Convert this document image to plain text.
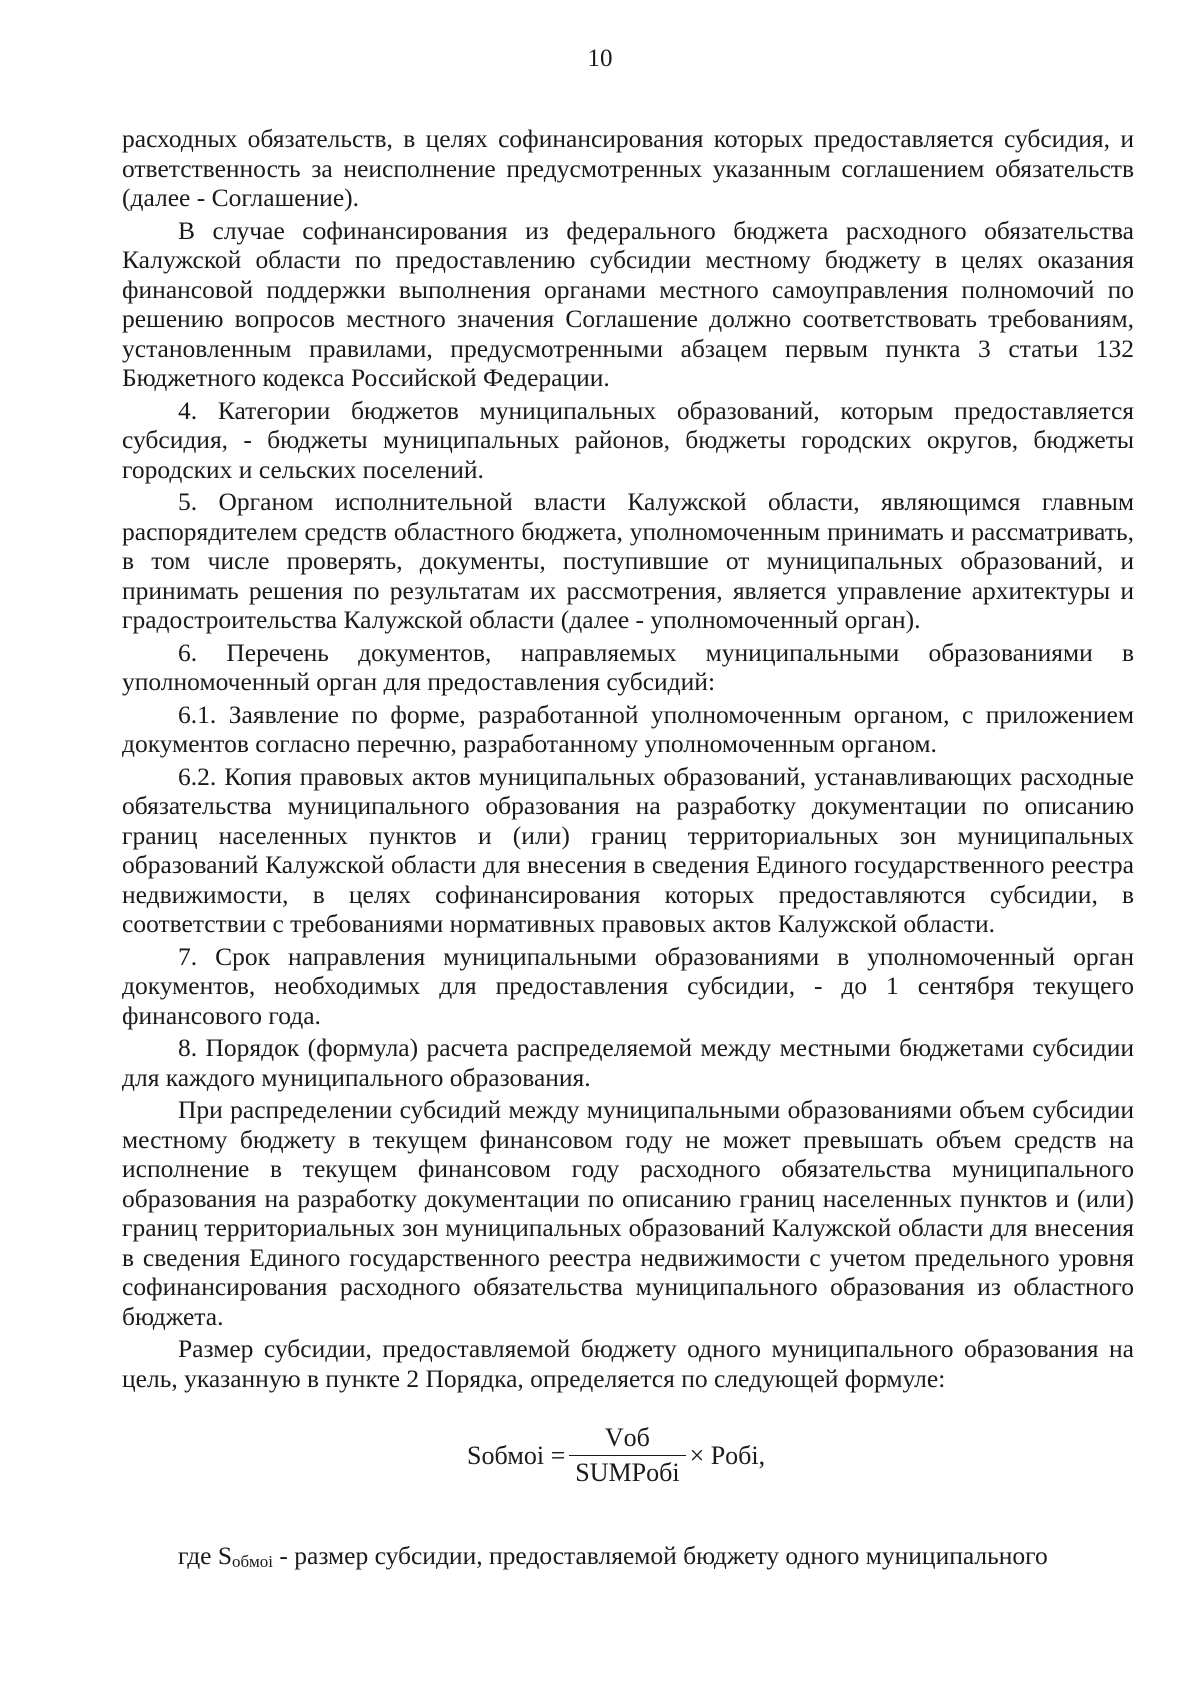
10

расходных обязательств, в целях софинансирования которых предоставляется субсидия, и ответственность за неисполнение предусмотренных указанным соглашением обязательств (далее - Соглашение).

В случае софинансирования из федерального бюджета расходного обязательства Калужской области по предоставлению субсидии местному бюджету в целях оказания финансовой поддержки выполнения органами местного самоуправления полномочий по решению вопросов местного значения Соглашение должно соответствовать требованиям, установленным правилами, предусмотренными абзацем первым пункта 3 статьи 132 Бюджетного кодекса Российской Федерации.

4. Категории бюджетов муниципальных образований, которым предоставляется субсидия, - бюджеты муниципальных районов, бюджеты городских округов, бюджеты городских и сельских поселений.

5. Органом исполнительной власти Калужской области, являющимся главным распорядителем средств областного бюджета, уполномоченным принимать и рассматривать, в том числе проверять, документы, поступившие от муниципальных образований, и принимать решения по результатам их рассмотрения, является управление архитектуры и градостроительства Калужской области (далее - уполномоченный орган).

6. Перечень документов, направляемых муниципальными образованиями в уполномоченный орган для предоставления субсидий:

6.1. Заявление по форме, разработанной уполномоченным органом, с приложением документов согласно перечню, разработанному уполномоченным органом.

6.2. Копия правовых актов муниципальных образований, устанавливающих расходные обязательства муниципального образования на разработку документации по описанию границ населенных пунктов и (или) границ территориальных зон муниципальных образований Калужской области для внесения в сведения Единого государственного реестра недвижимости, в целях софинансирования которых предоставляются субсидии, в соответствии с требованиями нормативных правовых актов Калужской области.

7. Срок направления муниципальными образованиями в уполномоченный орган документов, необходимых для предоставления субсидии, - до 1 сентября текущего финансового года.

8. Порядок (формула) расчета распределяемой между местными бюджетами субсидии для каждого муниципального образования.

При распределении субсидий между муниципальными образованиями объем субсидии местному бюджету в текущем финансовом году не может превышать объем средств на исполнение в текущем финансовом году расходного обязательства муниципального образования на разработку документации по описанию границ населенных пунктов и (или) границ территориальных зон муниципальных образований Калужской области для внесения в сведения Единого государственного реестра недвижимости с учетом предельного уровня софинансирования расходного обязательства муниципального образования из областного бюджета.

Размер субсидии, предоставляемой бюджету одного муниципального образования на цель, указанную в пункте 2 Порядка, определяется по следующей формуле:

Sобмоi = $\frac{\text{Vоб}}{\text{SUMPобi}}$ × Pобi,

где $S_{обмоi}$ - размер субсидии, предоставляемой бюджету одного муниципального
